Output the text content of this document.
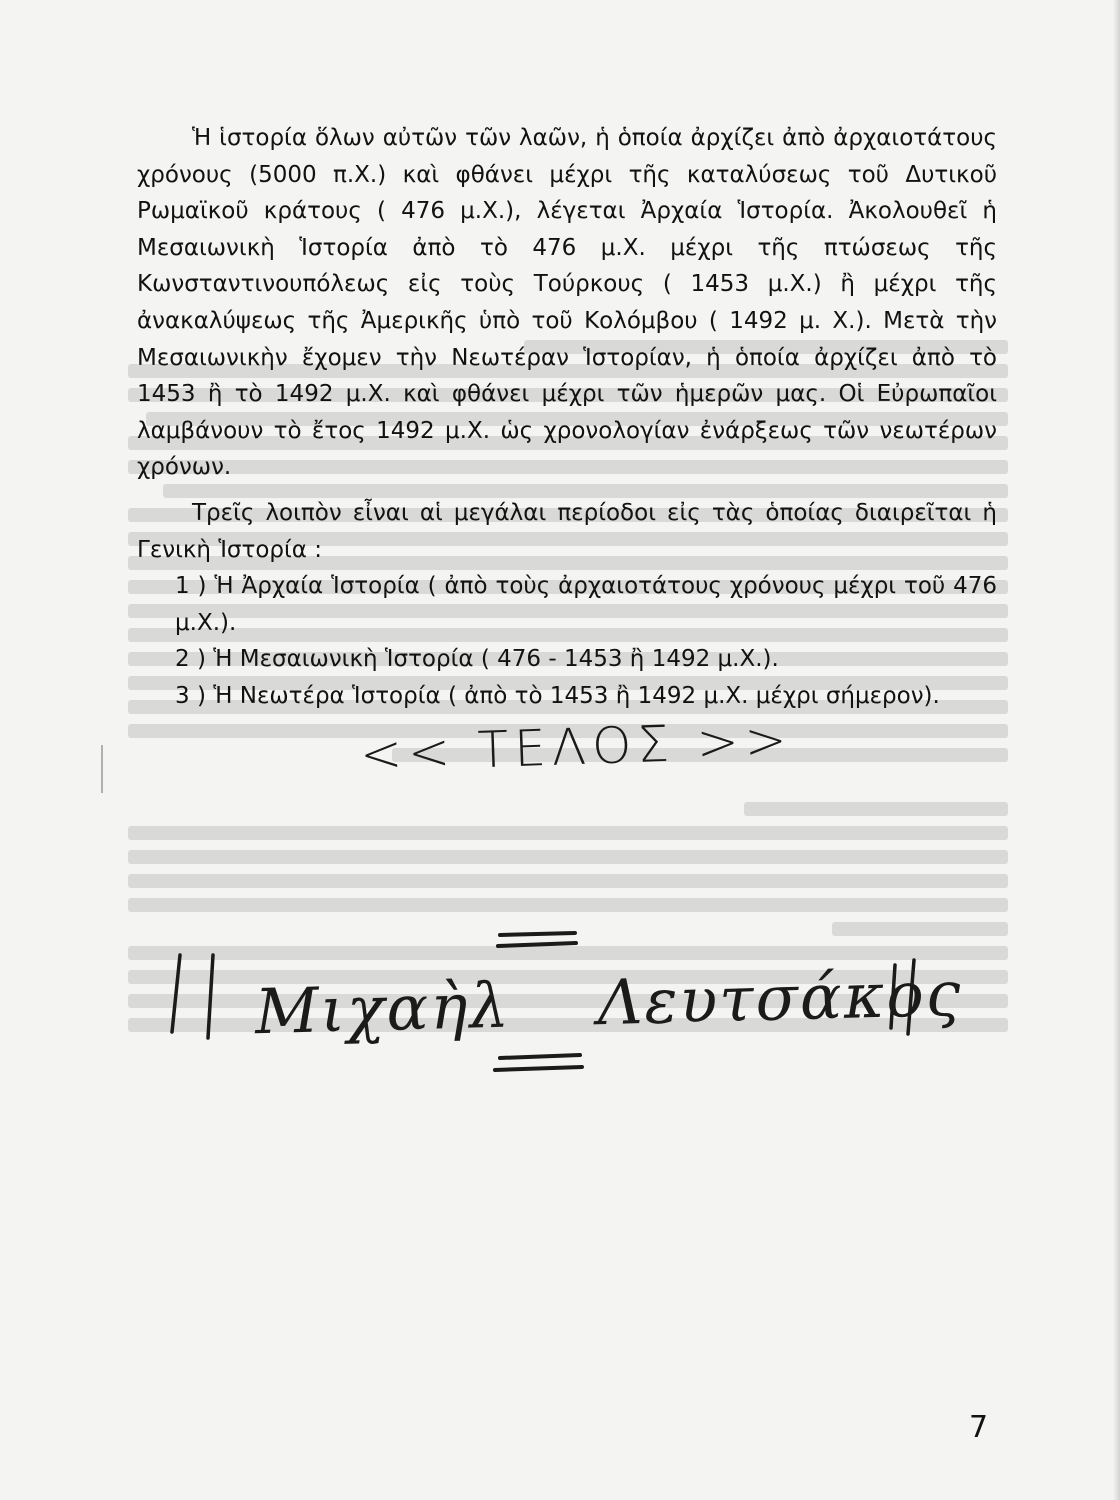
Ἡ ἱστορία ὅλων αὐτῶν τῶν λαῶν, ἡ ὁποία ἀρχίζει ἀπὸ ἀρχαιοτάτους χρόνους (5000 π.Χ.) καὶ φθάνει μέχρι τῆς καταλύσεως τοῦ Δυτικοῦ Ρωμαϊκοῦ κράτους ( 476 μ.Χ.), λέγεται Ἀρχαία Ἱστορία. Ἀκολουθεῖ ἡ Μεσαιωνικὴ Ἱστορία ἀπὸ τὸ 476 μ.Χ. μέχρι τῆς πτώσεως τῆς Κωνσταντινουπόλεως εἰς τοὺς Τούρκους ( 1453 μ.Χ.) ἢ μέχρι τῆς ἀνακαλύψεως τῆς Ἀμερικῆς ὑπὸ τοῦ Κολόμβου ( 1492 μ. Χ.). Μετὰ τὴν Μεσαιωνικὴν ἔχομεν τὴν Νεωτέραν Ἱστορίαν, ἡ ὁποία ἀρχίζει ἀπὸ τὸ 1453 ἢ τὸ 1492 μ.Χ. καὶ φθάνει μέχρι τῶν ἡμερῶν μας. Οἱ Εὐρωπαῖοι λαμβάνουν τὸ ἔτος 1492 μ.Χ. ὡς χρονολογίαν ἐνάρξεως τῶν νεωτέρων χρόνων.

Τρεῖς λοιπὸν εἶναι αἱ μεγάλαι περίοδοι εἰς τὰς ὁποίας διαιρεῖται ἡ Γενικὴ Ἱστορία :

1 ) Ἡ Ἀρχαία Ἱστορία ( ἀπὸ τοὺς ἀρχαιοτάτους χρόνους μέχρι τοῦ 476 μ.Χ.).

2 ) Ἡ Μεσαιωνικὴ Ἱστορία ( 476 - 1453 ἢ 1492 μ.Χ.).

3 ) Ἡ Νεωτέρα Ἱστορία ( ἀπὸ τὸ 1453 ἢ 1492 μ.Χ. μέχρι σήμερον).

<< ΤΕΛΟΣ >>
Μιχαὴλ    Λευτσάκος
7
